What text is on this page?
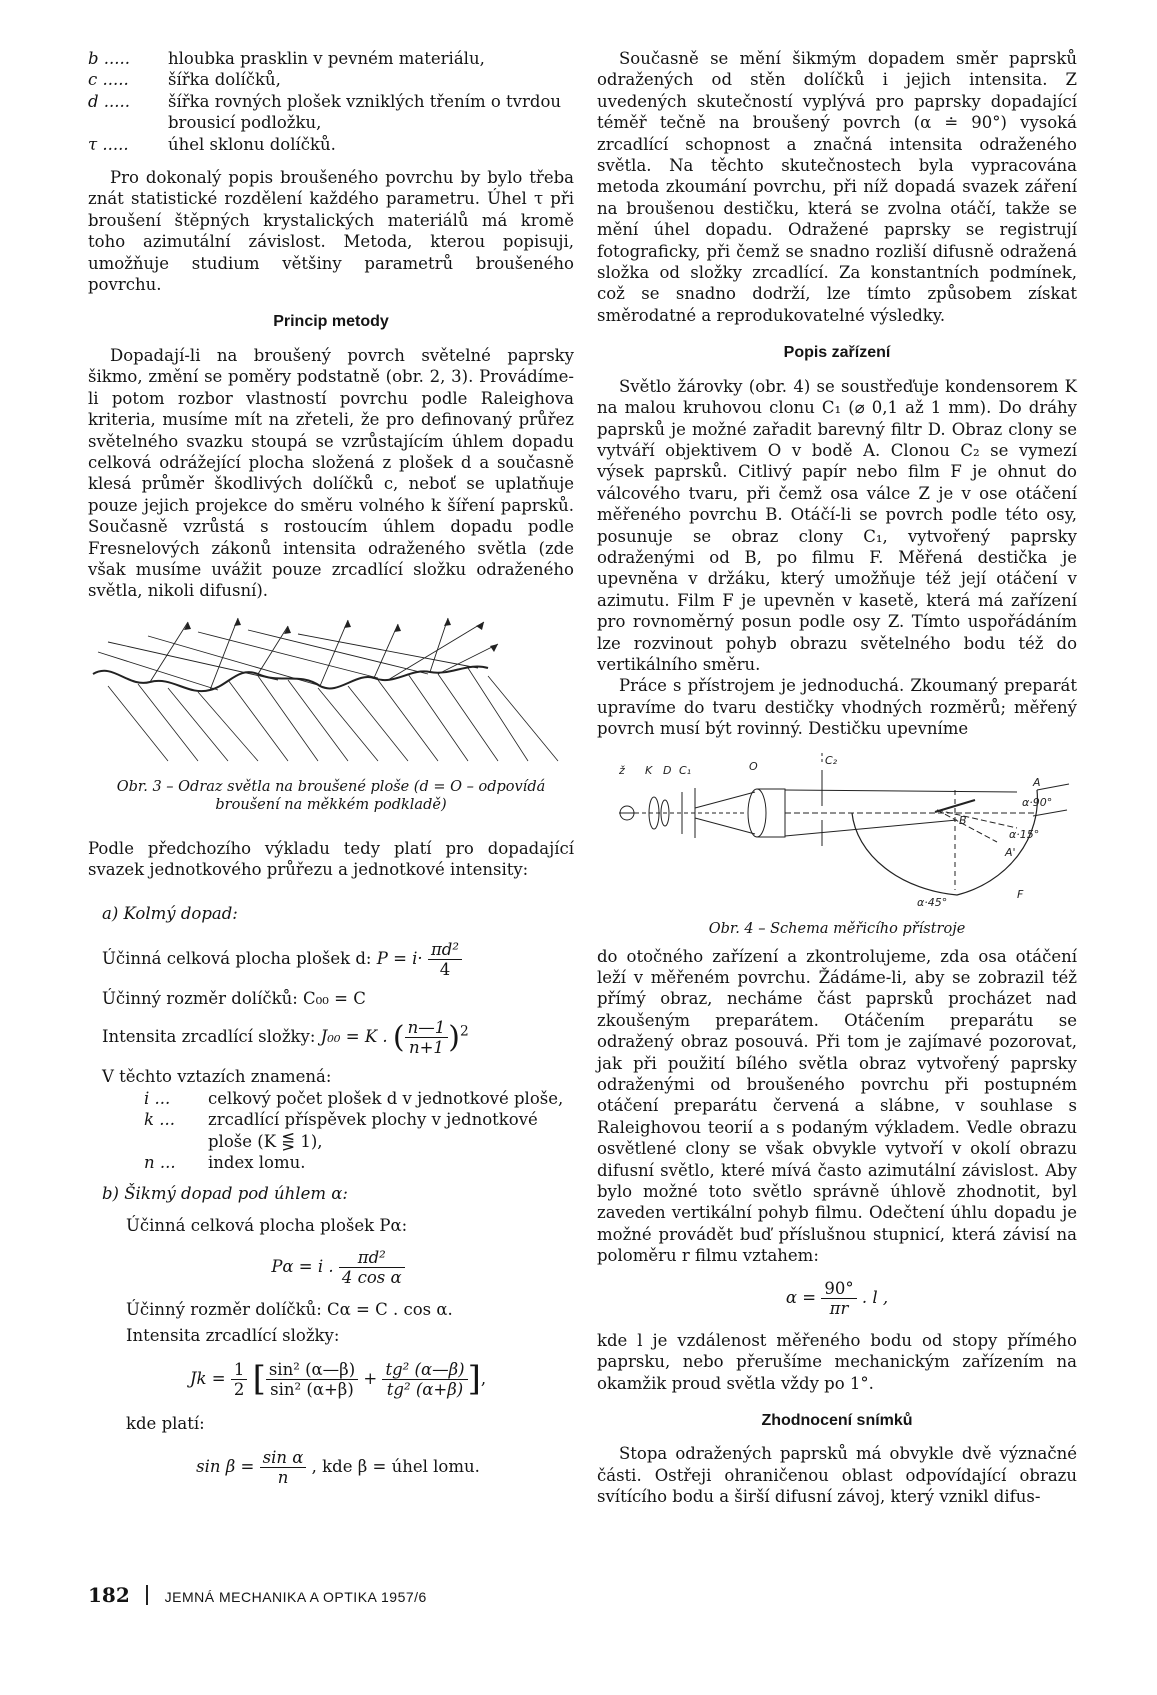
b .....	hloubka prasklin v pevném materiálu,
c .....	šířka dolíčků,
d .....	šířka rovných plošek vzniklých třením o tvrdou brousicí podložku,
τ .....	úhel sklonu dolíčků.

Pro dokonalý popis broušeného povrchu by bylo třeba znát statistické rozdělení každého parametru. Úhel τ při broušení štěpných krystalických materiálů má kromě toho azimutální závislost. Metoda, kterou popisuji, umožňuje studium většiny parametrů broušeného povrchu.

Princip metody

Dopadají-li na broušený povrch světelné paprsky šikmo, změní se poměry podstatně (obr. 2, 3). Provádíme-li potom rozbor vlastností povrchu podle Raleighova kriteria, musíme mít na zřeteli, že pro definovaný průřez světelného svazku stoupá se vzrůstajícím úhlem dopadu celková odrážející plocha složená z plošek d a současně klesá průměr škodlivých dolíčků c, neboť se uplatňuje pouze jejich projekce do směru volného k šíření paprsků. Současně vzrůstá s rostoucím úhlem dopadu podle Fresnelových zákonů intensita odraženého světla (zde však musíme uvážit pouze zrcadlící složku odraženého světla, nikoli difusní).

Obr. 3 – Odraz světla na broušené ploše (d = O – odpovídá broušení na měkkém podkladě)

Podle předchozího výkladu tedy platí pro dopadající svazek jednotkového průřezu a jednotkové intensity:

a) Kolmý dopad:
Účinná celková plocha plošek d: $P = i\cdot \frac{\text{πd²}}{4}$
Účinný rozměr dolíčků: C₀₀ = C
Intensita zrcadlící složky: J₀₀ = K . ( $\frac{n—1}{n+1} )^2$
V těchto vztazích znamená:
i ...	celkový počet plošek d v jednotkové ploše,
k ...	zrcadlící příspěvek plochy v jednotkové ploše (K ⋚ 1),
n ...	index lomu.
b) Šikmý dopad pod úhlem α:
Účinná celková plocha plošek Pα:
Pα = i . $\frac{\text{πd²}}{\text{4 cos α}}$
Účinný rozměr dolíčků: Cα = C . cos α.
Intensita zrcadlící složky:
$Jk = \frac{1}{2}$ [ $\frac{\text{sin² (α—β)}}{\text{sin² (α+β)}} + \frac{\text{tg² (α—β)}}{\text{tg² (α+β)}}$ ],
kde platí:
$\sin \beta = \frac{\text{sin α}}{n}$ , kde β = úhel lomu.

Současně se mění šikmým dopadem směr paprsků odražených od stěn dolíčků i jejich intensita. Z uvedených skutečností vyplývá pro paprsky dopadající téměř tečně na broušený povrch (α ≐ 90°) vysoká zrcadlící schopnost a značná intensita odraženého světla. Na těchto skutečnostech byla vypracována metoda zkoumání povrchu, při níž dopadá svazek záření na broušenou destičku, která se zvolna otáčí, takže se mění úhel dopadu. Odražené paprsky se registrují fotograficky, při čemž se snadno rozliší difusně odražená složka od složky zrcadlící. Za konstantních podmínek, což se snadno dodrží, lze tímto způsobem získat směrodatné a reprodukovatelné výsledky.

Popis zařízení

Světlo žárovky (obr. 4) se soustřeďuje kondensorem K na malou kruhovou clonu C₁ (⌀ 0,1 až 1 mm). Do dráhy paprsků je možné zařadit barevný filtr D. Obraz clony se vytváří objektivem O v bodě A. Clonou C₂ se vymezí výsek paprsků. Citlivý papír nebo film F je ohnut do válcového tvaru, při čemž osa válce Z je v ose otáčení měřeného povrchu B. Otáčí-li se povrch podle této osy, posunuje se obraz clony C₁, vytvořený paprsky odraženými od B, po filmu F. Měřená destička je upevněna v držáku, který umožňuje též její otáčení v azimutu. Film F je upevněn v kasetě, která má zařízení pro rovnoměrný posun podle osy Z. Tímto uspořádáním lze rozvinout pohyb obrazu světelného bodu též do vertikálního směru.

Práce s přístrojem je jednoduchá. Zkoumaný preparát upravíme do tvaru destičky vhodných rozměrů; měřený povrch musí být rovinný. Destičku upevníme

ž K D C₁	O	C₂
A
B
A'
F
α·90°
α·15°
α·45°
Obr. 4 – Schema měřicího přístroje

do otočného zařízení a zkontrolujeme, zda osa otáčení leží v měřeném povrchu. Žádáme-li, aby se zobrazil též přímý obraz, necháme část paprsků procházet nad zkoušeným preparátem. Otáčením preparátu se odražený obraz posouvá. Při tom je zajímavé pozorovat, jak při použití bílého světla obraz vytvořený paprsky odraženými od broušeného povrchu při postupném otáčení preparátu červená a slábne, v souhlase s Raleighovou teorií a s podaným výkladem. Vedle obrazu osvětlené clony se však obvykle vytvoří v okolí obrazu difusní světlo, které mívá často azimutální závislost. Aby bylo možné toto světlo správně úhlově zhodnotit, byl zaveden vertikální pohyb filmu. Odečtení úhlu dopadu je možné provádět buď příslušnou stupnicí, která závisí na poloměru r filmu vztahem:

$\alpha = \frac{90^\circ}{\pi r}$ . l ,

kde l je vzdálenost měřeného bodu od stopy přímého paprsku, nebo přerušíme mechanickým zařízením na okamžik proud světla vždy po 1°.

Zhodnocení snímků

Stopa odražených paprsků má obvykle dvě význačné části. Ostřeji ohraničenou oblast odpovídající obrazu svítícího bodu a širší difusní závoj, který vznikl difus-

182 JEMNÁ MECHANIKA A OPTIKA 1957/6
